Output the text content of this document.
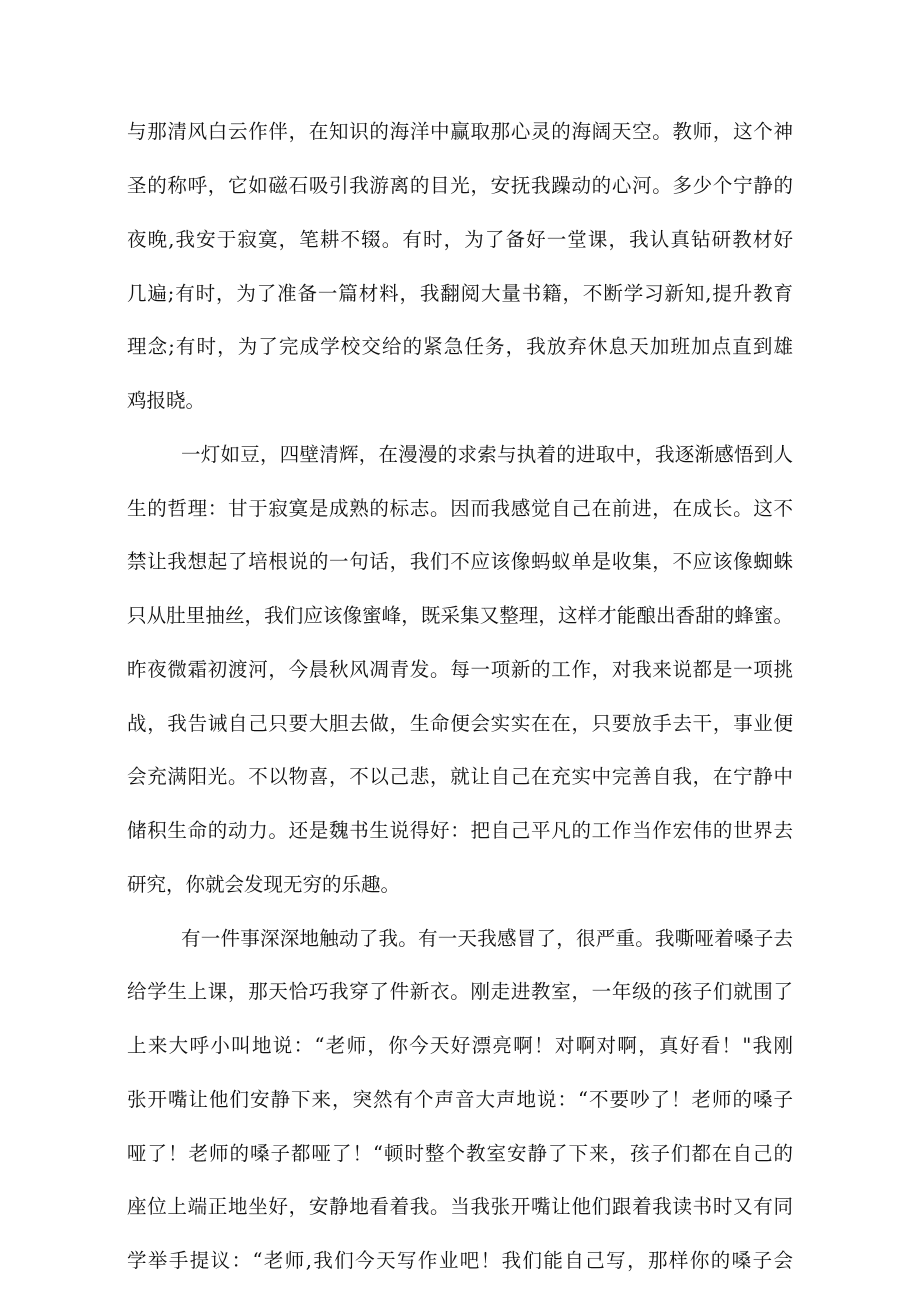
与那清风白云作伴，在知识的海洋中赢取那心灵的海阔天空。教师，这个神
圣的称呼，它如磁石吸引我游离的目光，安抚我躁动的心河。多少个宁静的
夜晚,我安于寂寞，笔耕不辍。有时，为了备好一堂课，我认真钻研教材好
几遍;有时，为了准备一篇材料，我翻阅大量书籍，不断学习新知,提升教育
理念;有时，为了完成学校交给的紧急任务，我放弃休息天加班加点直到雄
鸡报晓。
一灯如豆，四壁清辉，在漫漫的求索与执着的进取中，我逐渐感悟到人
生的哲理：甘于寂寞是成熟的标志。因而我感觉自己在前进，在成长。这不
禁让我想起了培根说的一句话，我们不应该像蚂蚁单是收集，不应该像蜘蛛
只从肚里抽丝，我们应该像蜜峰，既采集又整理，这样才能酿出香甜的蜂蜜。
昨夜微霜初渡河，今晨秋风凋青发。每一项新的工作，对我来说都是一项挑
战，我告诫自己只要大胆去做，生命便会实实在在，只要放手去干，事业便
会充满阳光。不以物喜，不以己悲，就让自己在充实中完善自我，在宁静中
储积生命的动力。还是魏书生说得好：把自己平凡的工作当作宏伟的世界去
研究，你就会发现无穷的乐趣。
有一件事深深地触动了我。有一天我感冒了，很严重。我嘶哑着嗓子去
给学生上课，那天恰巧我穿了件新衣。刚走进教室，一年级的孩子们就围了
上来大呼小叫地说：“老师，你今天好漂亮啊！对啊对啊，真好看！"我刚
张开嘴让他们安静下来，突然有个声音大声地说：“不要吵了！老师的嗓子
哑了！老师的嗓子都哑了！“顿时整个教室安静了下来，孩子们都在自己的
座位上端正地坐好，安静地看着我。当我张开嘴让他们跟着我读书时又有同
学举手提议：“老师,我们今天写作业吧！我们能自己写，那样你的嗓子会
